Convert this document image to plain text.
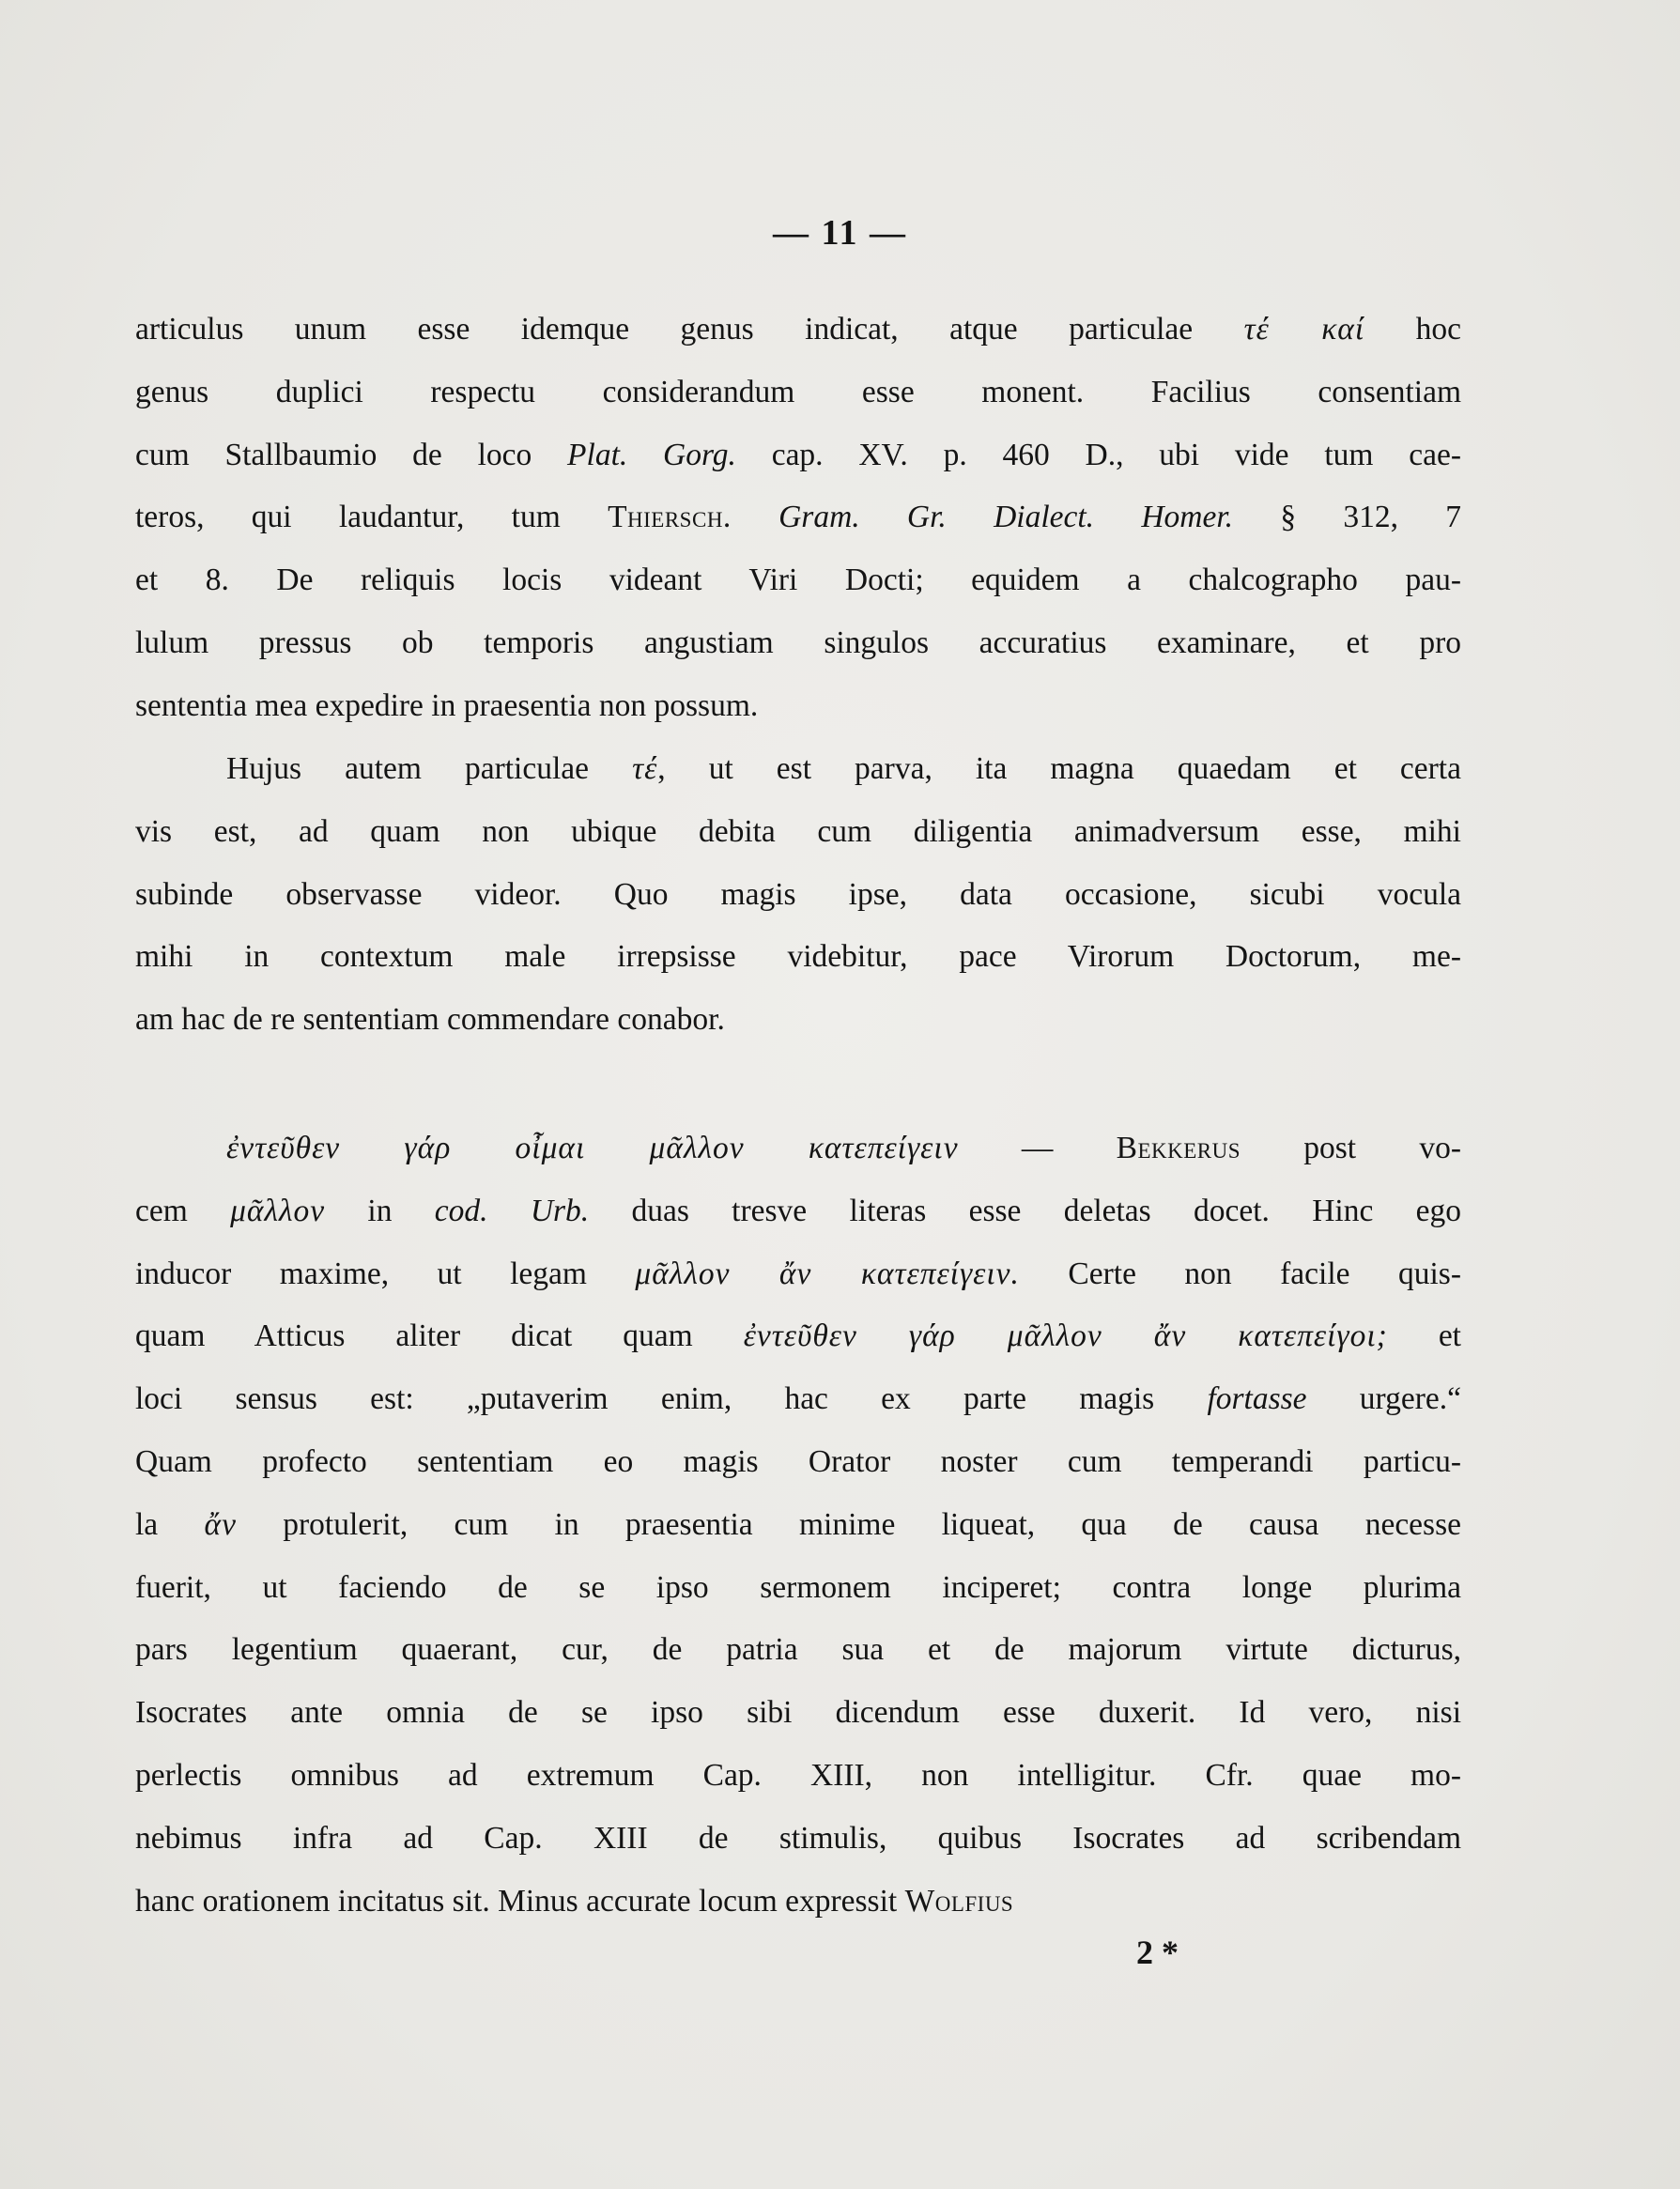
— 11 —
articulus unum esse idemque genus indicat, atque particulae τέ καί hoc
genus duplici respectu considerandum esse monent. Facilius consentiam
cum Stallbaumio de loco Plat. Gorg. cap. XV. p. 460 D., ubi vide tum cae-
teros, qui laudantur, tum Thiersch. Gram. Gr. Dialect. Homer. § 312, 7
et 8. De reliquis locis videant Viri Docti; equidem a chalcographo pau-
lulum pressus ob temporis angustiam singulos accuratius examinare, et pro
sententia mea expedire in praesentia non possum.
Hujus autem particulae τέ, ut est parva, ita magna quaedam et certa
vis est, ad quam non ubique debita cum diligentia animadversum esse, mihi
subinde observasse videor. Quo magis ipse, data occasione, sicubi vocula
mihi in contextum male irrepsisse videbitur, pace Virorum Doctorum, me-
am hac de re sententiam commendare conabor.
ἐντεῦθεν γάρ οἶμαι μᾶλλον κατεπείγειν — Bekkerus post vo-
cem μᾶλλον in cod. Urb. duas tresve literas esse deletas docet. Hinc ego
inducor maxime, ut legam μᾶλλον ἄν κατεπείγειν. Certe non facile quis-
quam Atticus aliter dicat quam ἐντεῦθεν γάρ μᾶλλον ἄν κατεπείγοι; et
loci sensus est: „putaverim enim, hac ex parte magis fortasse urgere.“
Quam profecto sententiam eo magis Orator noster cum temperandi particu-
la ἄν protulerit, cum in praesentia minime liqueat, qua de causa necesse
fuerit, ut faciendo de se ipso sermonem inciperet; contra longe plurima
pars legentium quaerant, cur, de patria sua et de majorum virtute dicturus,
Isocrates ante omnia de se ipso sibi dicendum esse duxerit. Id vero, nisi
perlectis omnibus ad extremum Cap. XIII, non intelligitur. Cfr. quae mo-
nebimus infra ad Cap. XIII de stimulis, quibus Isocrates ad scribendam
hanc orationem incitatus sit. Minus accurate locum expressit Wolfius
2 *
